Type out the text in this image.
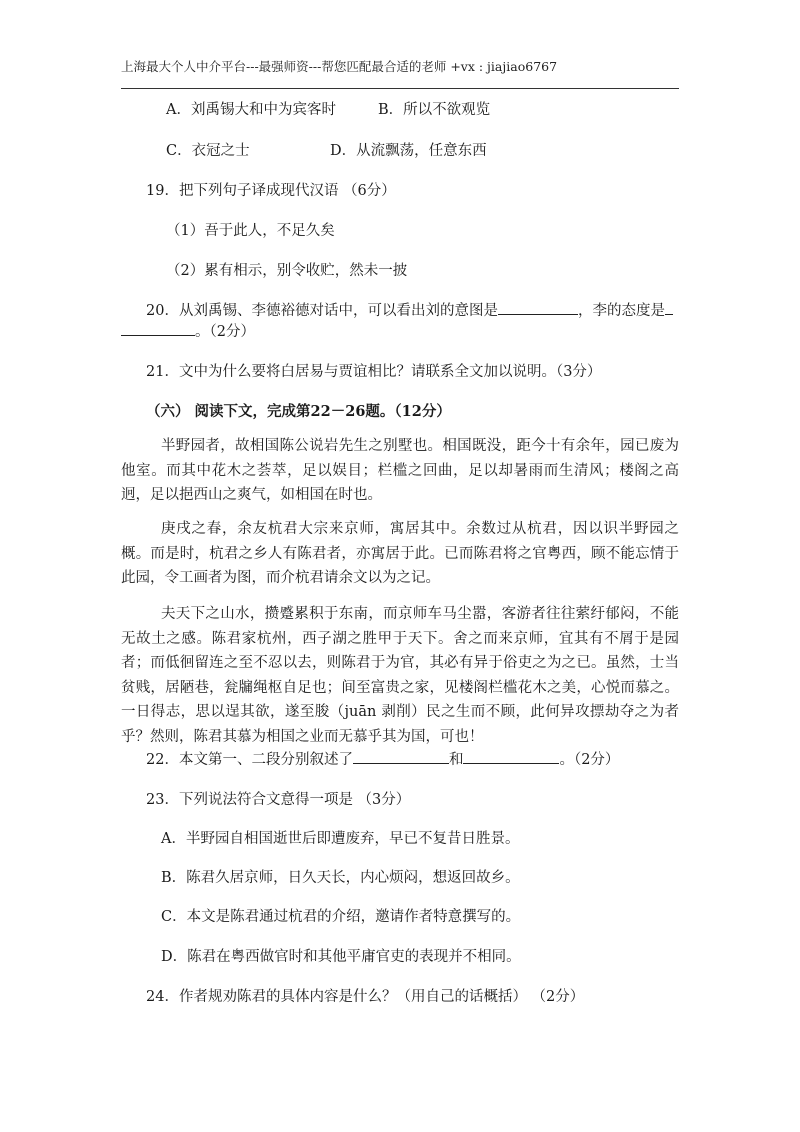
上海最大个人中介平台---最强师资---帮您匹配最合适的老师 +vx : jiajiao6767
A．刘禹锡大和中为宾客时	B．所以不欲观览
C．衣冠之士	D．从流飘荡，任意东西
19．把下列句子译成现代汉语 （6分）
（1）吾于此人，不足久矣
（2）累有相示，别令收贮，然未一披
20．从刘禹锡、李德裕德对话中，可以看出刘的意图是	，李的态度是
。（2分）
21．文中为什么要将白居易与贾谊相比？请联系全文加以说明。（3分）
（六） 阅读下文，完成第22－26题。（12分）
半野园者，故相国陈公说岩先生之别墅也。相国既没，距今十有余年，园已废为他室。而其中花木之荟萃，足以娱目；栏槛之回曲，足以却暑雨而生清风；楼阁之高迥，足以挹西山之爽气，如相国在时也。
庚戌之春，余友杭君大宗来京师，寓居其中。余数过从杭君，因以识半野园之概。而是时，杭君之乡人有陈君者，亦寓居于此。已而陈君将之官粤西，顾不能忘情于此园，令工画者为图，而介杭君请余文以为之记。
夫天下之山水，攒蹙累积于东南，而京师车马尘嚣，客游者往往萦纡郁闷，不能无故土之感。陈君家杭州，西子湖之胜甲于天下。舍之而来京师，宜其有不屑于是园者；而低徊留连之至不忍以去，则陈君于为官，其必有异于俗吏之为之已。虽然，士当贫贱，居陋巷，瓮牖绳枢自足也；间至富贵之家，见楼阁栏槛花木之美，心悦而慕之。一日得志，思以逞其欲，遂至朘（juān 剥削）民之生而不顾，此何异攻摽劫夺之为者乎？然则，陈君其慕为相国之业而无慕乎其为国，可也！
22．本文第一、二段分别叙述了	和	。（2分）
23．下列说法符合文意得一项是 （3分）
A．半野园自相国逝世后即遭废弃，早已不复昔日胜景。
B．陈君久居京师，日久天长，内心烦闷，想返回故乡。
C．本文是陈君通过杭君的介绍，邀请作者特意撰写的。
D．陈君在粤西做官时和其他平庸官吏的表现并不相同。
24．作者规劝陈君的具体内容是什么？（用自己的话概括） （2分）
